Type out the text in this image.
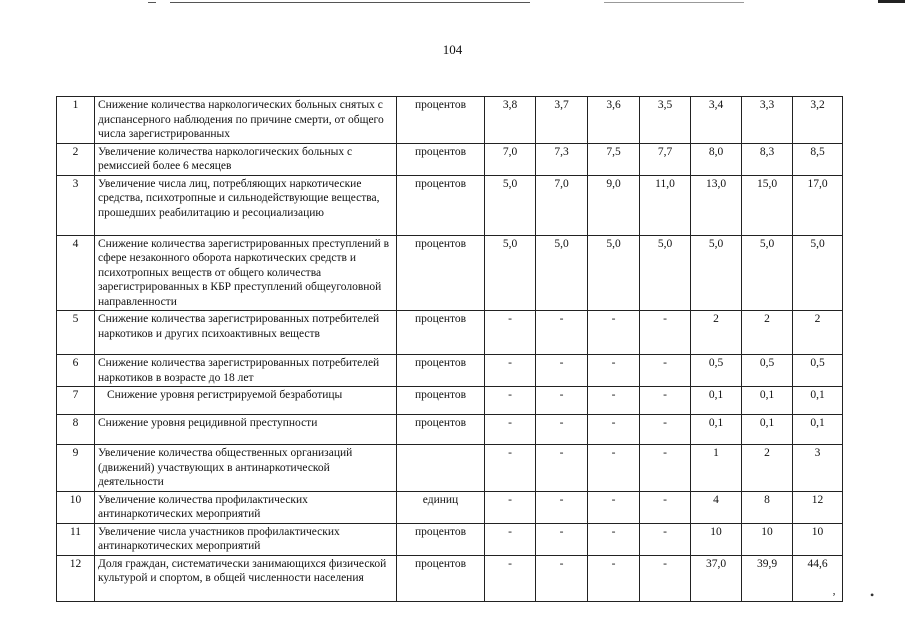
104
1	Снижение количества наркологических больных снятых с диспансерного наблюдения по причине смерти, от общего числа зарегистрированных	процентов	3,8	3,7	3,6	3,5	3,4	3,3	3,2
2	Увеличение количества наркологических больных с ремиссией более 6 месяцев	процентов	7,0	7,3	7,5	7,7	8,0	8,3	8,5
3	Увеличение числа лиц, потребляющих наркотические средства, психотропные и сильнодействующие вещества, прошедших реабилитацию и ресоциализацию	процентов	5,0	7,0	9,0	11,0	13,0	15,0	17,0
4	Снижение количества зарегистрированных преступлений в сфере незаконного оборота наркотических средств и психотропных веществ от общего количества зарегистрированных в КБР преступлений общеуголовной направленности	процентов	5,0	5,0	5,0	5,0	5,0	5,0	5,0
5	Снижение количества зарегистрированных потребителей наркотиков и других психоактивных веществ	процентов	-	-	-	-	2	2	2
6	Снижение количества зарегистрированных потребителей наркотиков в возрасте до 18 лет	процентов	-	-	-	-	0,5	0,5	0,5
7	Снижение уровня регистрируемой безработицы	процентов	-	-	-	-	0,1	0,1	0,1
8	Снижение уровня рецидивной преступности	процентов	-	-	-	-	0,1	0,1	0,1
9	Увеличение количества общественных организаций (движений) участвующих в антинаркотической деятельности		-	-	-	-	1	2	3
10	Увеличение количества профилактических антинаркотических мероприятий	единиц	-	-	-	-	4	8	12
11	Увеличение числа участников профилактических антинаркотических мероприятий	процентов	-	-	-	-	10	10	10
12	Доля граждан, систематически занимающихся физической культурой и спортом, в общей численности населения	процентов	-	-	-	-	37,0	39,9	44,6
ʼ	•
